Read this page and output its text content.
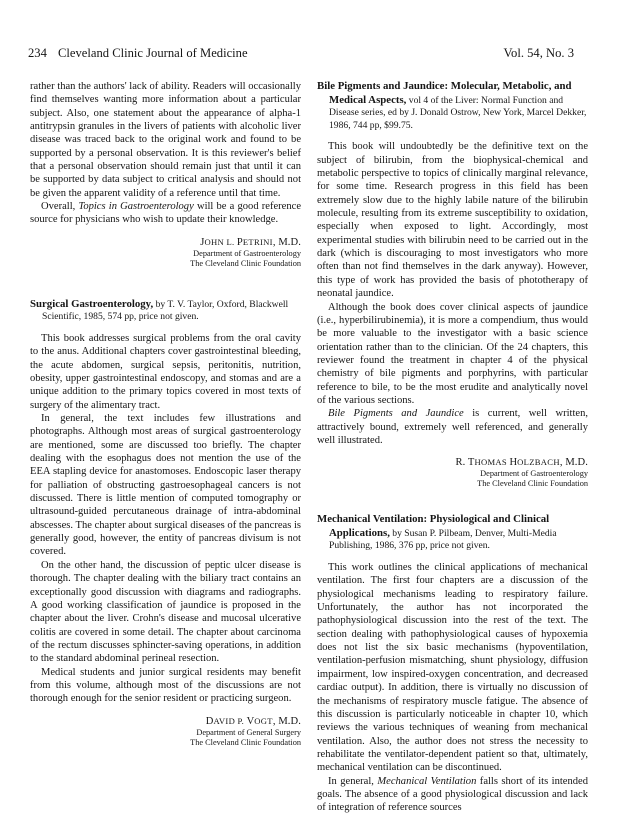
234 Cleveland Clinic Journal of Medicine	Vol. 54, No. 3

rather than the authors' lack of ability. Readers will occasionally find themselves wanting more information about a particular subject. Also, one statement about the appearance of alpha-1 antitrypsin granules in the livers of patients with alcoholic liver disease was traced back to the original work and found to be supported by a personal observation. It is this reviewer's belief that a personal observation should remain just that until it can be supported by data subject to critical analysis and should not be given the apparent validity of a reference until that time.

Overall, Topics in Gastroenterology will be a good reference source for physicians who wish to update their knowledge.

JOHN L. PETRINI, M.D.
Department of Gastroenterology
The Cleveland Clinic Foundation
Surgical Gastroenterology, by T. V. Taylor, Oxford, Blackwell Scientific, 1985, 574 pp, price not given.

This book addresses surgical problems from the oral cavity to the anus. Additional chapters cover gastrointestinal bleeding, the acute abdomen, surgical sepsis, peritonitis, nutrition, obesity, upper gastrointestinal endoscopy, and stomas and are a unique addition to the primary topics covered in most texts of surgery of the alimentary tract.

In general, the text includes few illustrations and photographs. Although most areas of surgical gastroenterology are mentioned, some are discussed too briefly. The chapter dealing with the esophagus does not mention the use of the EEA stapling device for anastomoses. Endoscopic laser therapy for palliation of obstructing gastroesophageal cancers is not discussed. There is little mention of computed tomography or ultrasound-guided percutaneous drainage of intra-abdominal abscesses. The chapter about surgical diseases of the pancreas is generally good, however, the entity of pancreas divisum is not covered.

On the other hand, the discussion of peptic ulcer disease is thorough. The chapter dealing with the biliary tract contains an exceptionally good discussion with diagrams and radiographs. A good working classification of jaundice is proposed in the chapter about the liver. Crohn's disease and mucosal ulcerative colitis are covered in some detail. The chapter about carcinoma of the rectum discusses sphincter-saving operations, in addition to the standard abdominal perineal resection.

Medical students and junior surgical residents may benefit from this volume, although most of the discussions are not thorough enough for the senior resident or practicing surgeon.

DAVID P. VOGT, M.D.
Department of General Surgery
The Cleveland Clinic Foundation
Bile Pigments and Jaundice: Molecular, Metabolic, and Medical Aspects, vol 4 of the Liver: Normal Function and Disease series, ed by J. Donald Ostrow, New York, Marcel Dekker, 1986, 744 pp, $99.75.

This book will undoubtedly be the definitive text on the subject of bilirubin, from the biophysical-chemical and metabolic perspective to topics of clinically marginal relevance, for some time. Research progress in this field has been extremely slow due to the highly labile nature of the bilirubin molecule, resulting from its extreme susceptibility to oxidation, especially when exposed to light. Accordingly, most experimental studies with bilirubin need to be carried out in the dark (which is discouraging to most investigators who more often than not find themselves in the dark anyway). However, this type of work has provided the basis of phototherapy of neonatal jaundice.

Although the book does cover clinical aspects of jaundice (i.e., hyperbilirubinemia), it is more a compendium, thus would be more valuable to the investigator with a basic science orientation rather than to the clinician. Of the 24 chapters, this reviewer found the treatment in chapter 4 of the physical chemistry of bile pigments and porphyrins, with particular reference to bile, to be the most erudite and analytically novel of the various sections.

Bile Pigments and Jaundice is current, well written, attractively bound, extremely well referenced, and generally well illustrated.

R. THOMAS HOLZBACH, M.D.
Department of Gastroenterology
The Cleveland Clinic Foundation
Mechanical Ventilation: Physiological and Clinical Applications, by Susan P. Pilbeam, Denver, Multi-Media Publishing, 1986, 376 pp, price not given.

This work outlines the clinical applications of mechanical ventilation. The first four chapters are a discussion of the physiological mechanisms leading to respiratory failure. Unfortunately, the author has not incorporated the pathophysiological discussion into the rest of the text. The section dealing with pathophysiological causes of hypoxemia does not list the six basic mechanisms (hypoventilation, ventilation-perfusion mismatching, shunt physiology, diffusion impairment, low inspired-oxygen concentration, and decreased cardiac output). In addition, there is virtually no discussion of the mechanisms of respiratory muscle fatigue. The absence of this discussion is particularly noticeable in chapter 10, which reviews the various techniques of weaning from mechanical ventilation. Also, the author does not stress the necessity to rehabilitate the ventilator-dependent patient so that, ultimately, mechanical ventilation can be discontinued.

In general, Mechanical Ventilation falls short of its intended goals. The absence of a good physiological discussion and lack of integration of reference sources
